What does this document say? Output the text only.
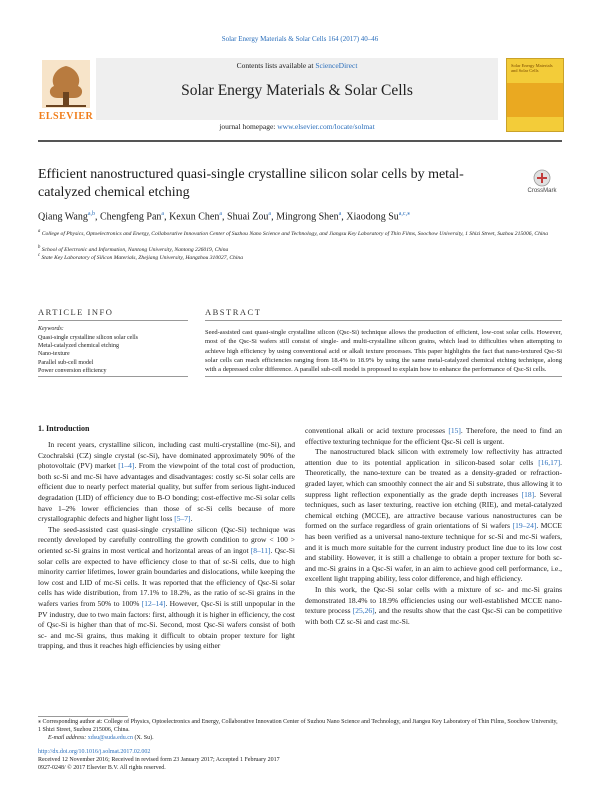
Solar Energy Materials & Solar Cells 164 (2017) 40–46
ELSEVIER
Contents lists available at ScienceDirect
Solar Energy Materials & Solar Cells
journal homepage: www.elsevier.com/locate/solmat
Solar Energy Materials and Solar Cells
Efficient nanostructured quasi-single crystalline silicon solar cells by metal-catalyzed chemical etching	CrossMark
Qiang Wang$^{a,b}$, Chengfeng Pan$^a$, Kexun Chen$^a$, Shuai Zou$^a$, Mingrong Shen$^a$, Xiaodong $Su^{a,c,⁎}$
$^a$ College of Physics, Optoelectronics and Energy, Collaborative Innovation Center of Suzhou Nano Science and Technology, and Jiangsu Key Laboratory of Thin Films, Soochow University, 1 Shizi Street, Suzhou 215006, China
$^b$ School of Electronic and Information, Nantong University, Nantong 226019, China
$^c$ State Key Laboratory of Silicon Materials, Zhejiang University, Hangzhou 310027, China
ARTICLE INFO	ABSTRACT
Keywords:
Quasi-single crystalline silicon solar cells
Metal-catalyzed chemical etching
Nano-texture
Parallel sub-cell model
Power conversion efficiency
Seed-assisted cast quasi-single crystalline silicon (Qsc-Si) technique allows the production of efficient, low-cost solar cells. However, most of the Qsc-Si wafers still consist of single- and multi-crystalline silicon grains, which lead to difficulties when attempting to achieve high efficiency by using conventional acid or alkali texture processes. This paper highlights the fact that nano-textured Qsc-Si solar cells can reach efficiencies ranging from 18.4% to 18.9% by using the same metal-catalyzed chemical etching technique, along with a depressed color difference. A parallel sub-cell model is proposed to explain how to enhance the performance of Qsc-Si cells.
1. Introduction

In recent years, crystalline silicon, including cast multi-crystalline (mc-Si), and Czochralski (CZ) single crystal (sc-Si), have dominated approximately 90% of the photovoltaic (PV) market [1–4]. From the viewpoint of the total cost of production, both sc-Si and mc-Si have advantages and disadvantages: costly sc-Si solar cells are efficient due to nearly perfect material quality, but suffer from serious light-induced degradation (LID) of efficiency due to B-O bonding; cost-effective mc-Si solar cells have 1–2% lower efficiencies than those of sc-Si cells because of more crystallographic defects and higher light loss [5–7].

The seed-assisted cast quasi-single crystalline silicon (Qsc-Si) technique was recently developed by carefully controlling the growth condition to grow < 100 > oriented sc-Si grains in most vertical and horizontal areas of an ingot [8–11]. Qsc-Si solar cells are expected to have efficiency close to that of sc-Si cells, due to high minority carrier lifetimes, lower grain boundaries and dislocations, while keeping the low cost and LID of mc-Si cells. It was reported that the efficiency of Qsc-Si solar cells has wide distribution, from 17.1% to 18.2%, as the ratio of sc-Si grains in the wafers varies from 50% to 100% [12–14]. However, Qsc-Si is still unpopular in the PV industry, due to two main factors: first, although it is higher in efficiency, the cost of Qsc-Si is higher than that of mc-Si. Second, most Qsc-Si wafers consist of both sc- and mc-Si grains, thus making it difficult to obtain proper texture for light trapping, and thus it reaches high efficiencies by using either

conventional alkali or acid texture processes [15]. Therefore, the need to find an effective texturing technique for the efficient Qsc-Si cell is urgent.

The nanostructured black silicon with extremely low reflectivity has attracted attention due to its potential application in silicon-based solar cells [16,17]. Theoretically, the nano-texture can be treated as a density-graded or refraction-graded layer, which can smoothly connect the air and Si substrate, thus allowing it to suppress light reflection exponentially as the grade depth increases [18]. Several techniques, such as laser texturing, reactive ion etching (RIE), and metal-catalyzed chemical etching (MCCE), are attractive because various nanostructures can be formed on the surface regardless of grain orientations of Si wafers [19–24]. MCCE has been verified as a universal nano-texture technique for sc-Si and mc-Si wafers, and it is much more suitable for the current industry product line due to its low cost and stability. However, it is still a challenge to obtain a proper texture for both sc- and mc-Si grains in a Qsc-Si wafer, in an aim to achieve good cell performance, i.e., excellent light trapping ability, less color difference, and high efficiency.

In this work, the Qsc-Si solar cells with a mixture of sc- and mc-Si grains demonstrated 18.4% to 18.9% efficiencies using our well-established MCCE nano-texture process [25,26], and the results show that the cast Qsc-Si can be competitive with both CZ sc-Si and cast mc-Si.

⁎ Corresponding author at: College of Physics, Optoelectronics and Energy, Collaborative Innovation Center of Suzhou Nano Science and Technology, and Jiangsu Key Laboratory of Thin Films, Soochow University, 1 Shizi Street, Suzhou 215006, China.
E-mail address: xdsu@suda.edu.cn (X. Su).
http://dx.doi.org/10.1016/j.solmat.2017.02.002
Received 12 November 2016; Received in revised form 23 January 2017; Accepted 1 February 2017
0927-0248/ © 2017 Elsevier B.V. All rights reserved.
